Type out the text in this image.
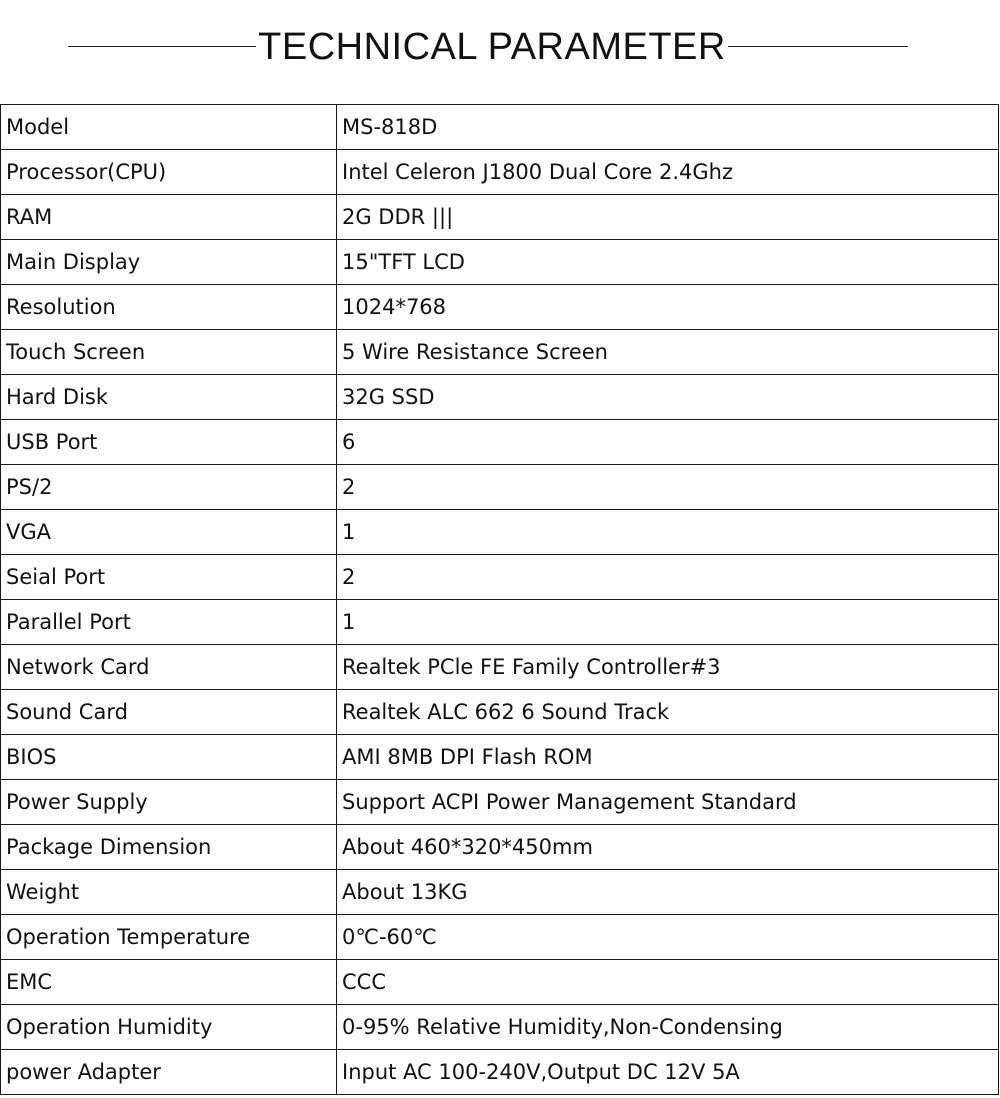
TECHNICAL PARAMETER
Model	MS-818D
Processor(CPU)	Intel Celeron J1800 Dual Core 2.4Ghz
RAM	2G DDR |||
Main Display	15"TFT LCD
Resolution	1024*768
Touch Screen	5 Wire Resistance Screen
Hard Disk	32G SSD
USB Port	6
PS/2	2
VGA	1
Seial Port	2
Parallel Port	1
Network Card	Realtek PCle FE Family Controller#3
Sound Card	Realtek ALC 662 6 Sound Track
BIOS	AMI 8MB DPI Flash ROM
Power Supply	Support ACPI Power Management Standard
Package Dimension	About 460*320*450mm
Weight	About 13KG
Operation Temperature	0℃-60℃
EMC	CCC
Operation Humidity	0-95% Relative Humidity,Non-Condensing
power Adapter	Input AC 100-240V,Output DC 12V 5A
